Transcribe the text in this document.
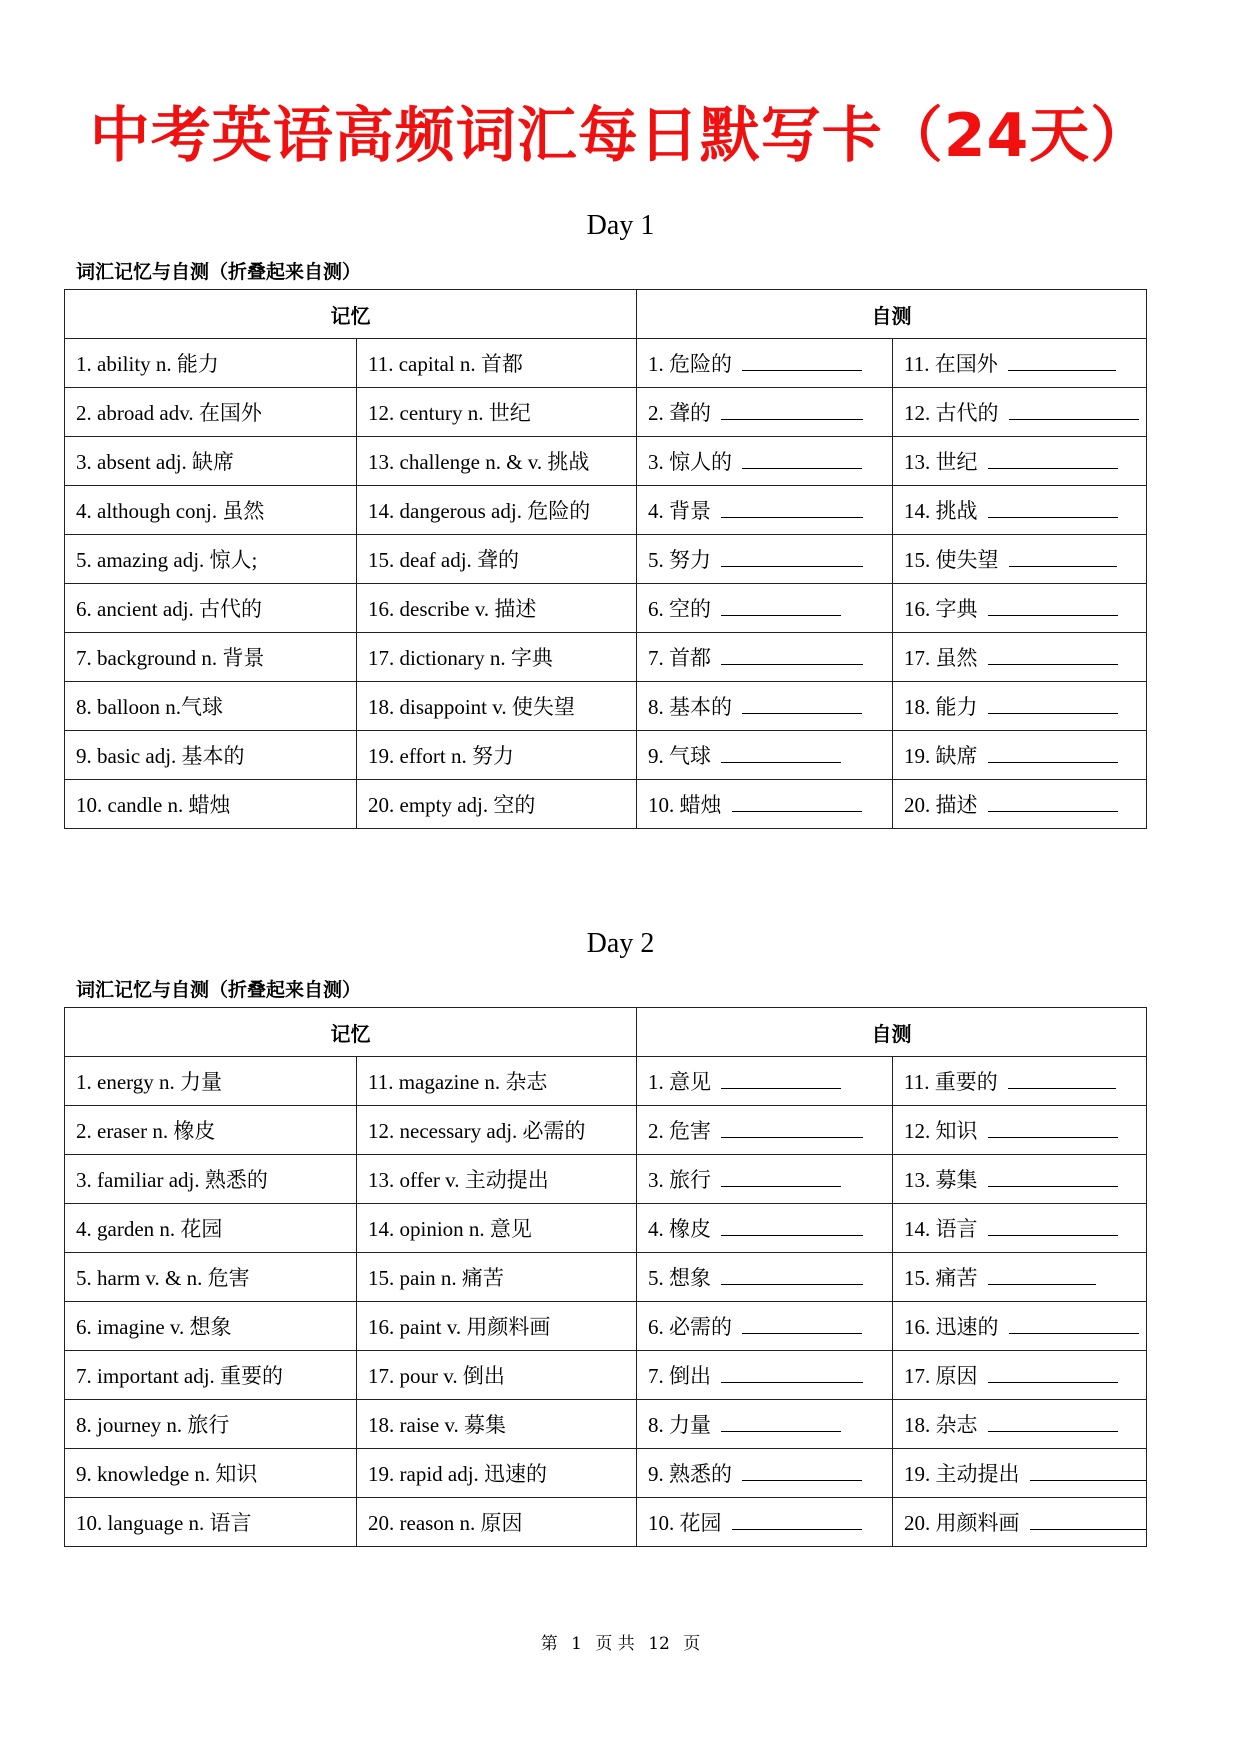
中考英语高频词汇每日默写卡（24天）
Day 1
词汇记忆与自测（折叠起来自测）
记忆		自测	
1. ability n. 能力	11. capital n. 首都	1. 危险的	11. 在国外
2. abroad adv. 在国外	12. century n. 世纪	2. 聋的	12. 古代的
3. absent adj. 缺席	13. challenge n. & v. 挑战	3. 惊人的	13. 世纪
4. although conj. 虽然	14. dangerous adj. 危险的	4. 背景	14. 挑战
5. amazing adj. 惊人;	15. deaf adj. 聋的	5. 努力	15. 使失望
6. ancient adj. 古代的	16. describe v. 描述	6. 空的	16. 字典
7. background n. 背景	17. dictionary n. 字典	7. 首都	17. 虽然
8. balloon n.气球	18. disappoint v. 使失望	8. 基本的	18. 能力
9. basic adj. 基本的	19. effort n. 努力	9. 气球	19. 缺席
10. candle n. 蜡烛	20. empty adj. 空的	10. 蜡烛	20. 描述
Day 2
词汇记忆与自测（折叠起来自测）
记忆		自测	
1. energy n. 力量	11. magazine n. 杂志	1. 意见	11. 重要的
2. eraser n. 橡皮	12. necessary adj. 必需的	2. 危害	12. 知识
3. familiar adj. 熟悉的	13. offer v. 主动提出	3. 旅行	13. 募集
4. garden n. 花园	14. opinion n. 意见	4. 橡皮	14. 语言
5. harm v. & n. 危害	15. pain n. 痛苦	5. 想象	15. 痛苦
6. imagine v. 想象	16. paint v. 用颜料画	6. 必需的	16. 迅速的
7. important adj. 重要的	17. pour v. 倒出	7. 倒出	17. 原因
8. journey n. 旅行	18. raise v. 募集	8. 力量	18. 杂志
9. knowledge n. 知识	19. rapid adj. 迅速的	9. 熟悉的	19. 主动提出
10. language n. 语言	20. reason n. 原因	10. 花园	20. 用颜料画
第 1 页 共 12 页
